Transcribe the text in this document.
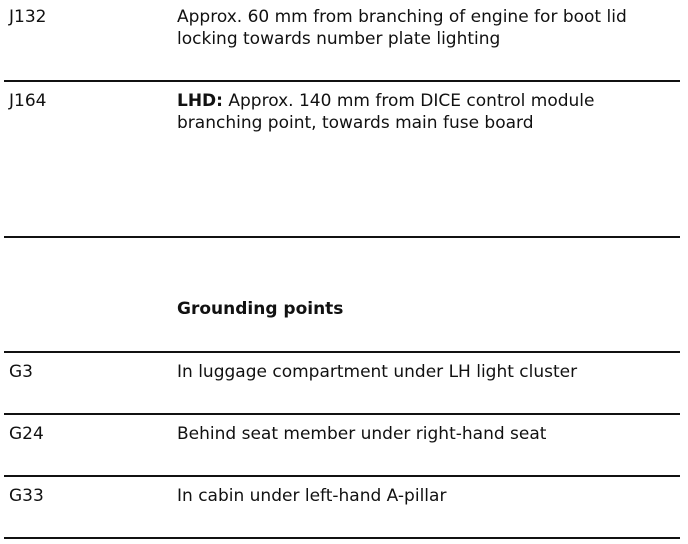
J132	Approx. 60 mm from branching of engine for boot lid locking towards number plate lighting
J164	LHD: Approx. 140 mm from DICE control module branching point, towards main fuse board
Grounding points
G3	In luggage compartment under LH light cluster
G24	Behind seat member under right-hand seat
G33	In cabin under left-hand A-pillar
